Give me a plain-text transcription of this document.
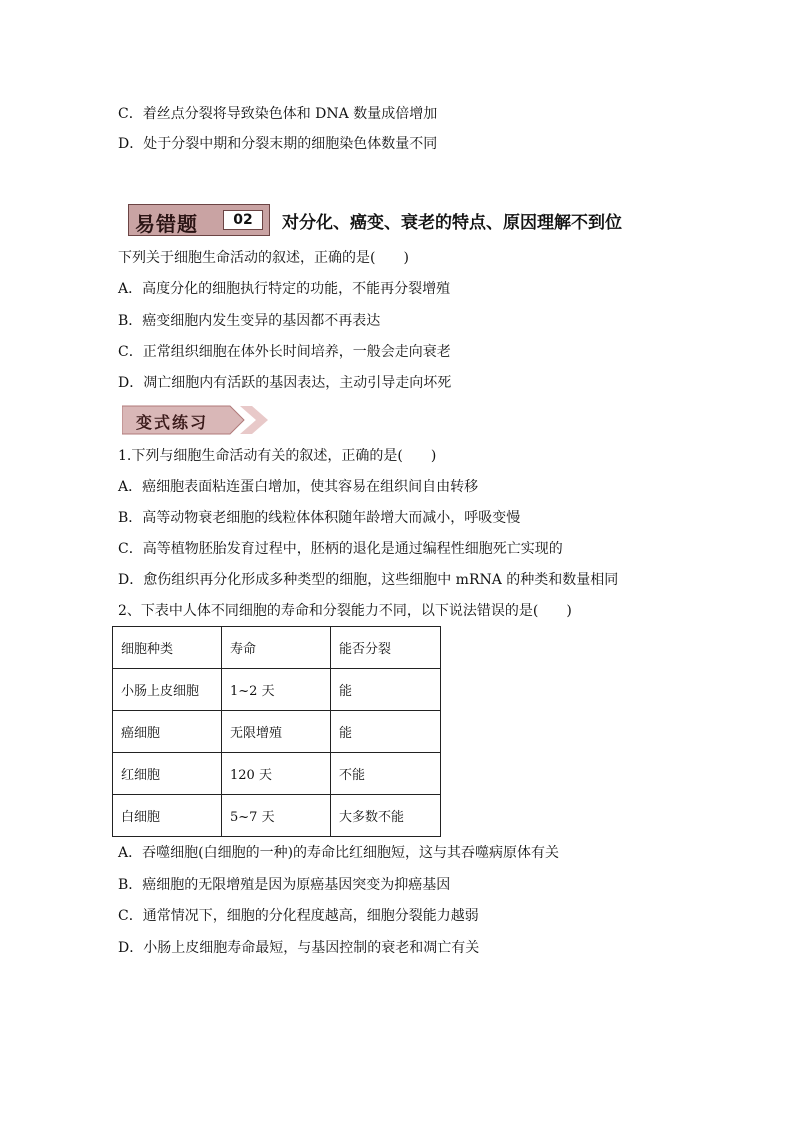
C．着丝点分裂将导致染色体和 DNA 数量成倍增加
D．处于分裂中期和分裂末期的细胞染色体数量不同
易错题	02	对分化、癌变、衰老的特点、原因理解不到位
下列关于细胞生命活动的叙述，正确的是(　　)
A．高度分化的细胞执行特定的功能，不能再分裂增殖
B．癌变细胞内发生变异的基因都不再表达
C．正常组织细胞在体外长时间培养，一般会走向衰老
D．凋亡细胞内有活跃的基因表达，主动引导走向坏死
变式练习
1.下列与细胞生命活动有关的叙述，正确的是(　　)
A．癌细胞表面粘连蛋白增加，使其容易在组织间自由转移
B．高等动物衰老细胞的线粒体体积随年龄增大而减小，呼吸变慢
C．高等植物胚胎发育过程中，胚柄的退化是通过编程性细胞死亡实现的
D．愈伤组织再分化形成多种类型的细胞，这些细胞中 mRNA 的种类和数量相同
2、下表中人体不同细胞的寿命和分裂能力不同，以下说法错误的是(　　)
细胞种类	寿命	能否分裂
小肠上皮细胞	1~2 天	能
癌细胞	无限增殖	能
红细胞	120 天	不能
白细胞	5~7 天	大多数不能
A．吞噬细胞(白细胞的一种)的寿命比红细胞短，这与其吞噬病原体有关
B．癌细胞的无限增殖是因为原癌基因突变为抑癌基因
C．通常情况下，细胞的分化程度越高，细胞分裂能力越弱
D．小肠上皮细胞寿命最短，与基因控制的衰老和凋亡有关
